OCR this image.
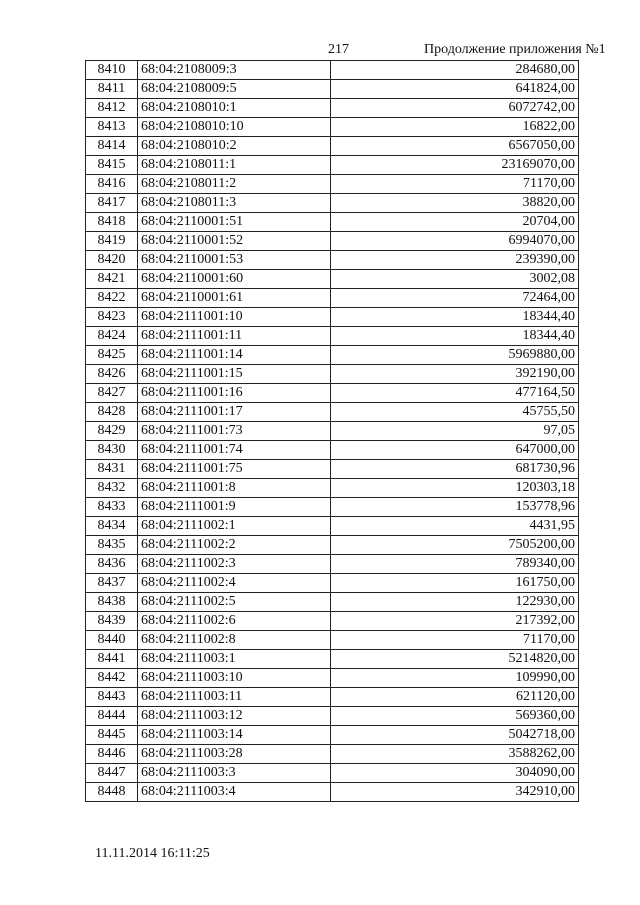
217	Продолжение приложения №1
8410	68:04:2108009:3	284680,00
8411	68:04:2108009:5	641824,00
8412	68:04:2108010:1	6072742,00
8413	68:04:2108010:10	16822,00
8414	68:04:2108010:2	6567050,00
8415	68:04:2108011:1	23169070,00
8416	68:04:2108011:2	71170,00
8417	68:04:2108011:3	38820,00
8418	68:04:2110001:51	20704,00
8419	68:04:2110001:52	6994070,00
8420	68:04:2110001:53	239390,00
8421	68:04:2110001:60	3002,08
8422	68:04:2110001:61	72464,00
8423	68:04:2111001:10	18344,40
8424	68:04:2111001:11	18344,40
8425	68:04:2111001:14	5969880,00
8426	68:04:2111001:15	392190,00
8427	68:04:2111001:16	477164,50
8428	68:04:2111001:17	45755,50
8429	68:04:2111001:73	97,05
8430	68:04:2111001:74	647000,00
8431	68:04:2111001:75	681730,96
8432	68:04:2111001:8	120303,18
8433	68:04:2111001:9	153778,96
8434	68:04:2111002:1	4431,95
8435	68:04:2111002:2	7505200,00
8436	68:04:2111002:3	789340,00
8437	68:04:2111002:4	161750,00
8438	68:04:2111002:5	122930,00
8439	68:04:2111002:6	217392,00
8440	68:04:2111002:8	71170,00
8441	68:04:2111003:1	5214820,00
8442	68:04:2111003:10	109990,00
8443	68:04:2111003:11	621120,00
8444	68:04:2111003:12	569360,00
8445	68:04:2111003:14	5042718,00
8446	68:04:2111003:28	3588262,00
8447	68:04:2111003:3	304090,00
8448	68:04:2111003:4	342910,00
11.11.2014 16:11:25
